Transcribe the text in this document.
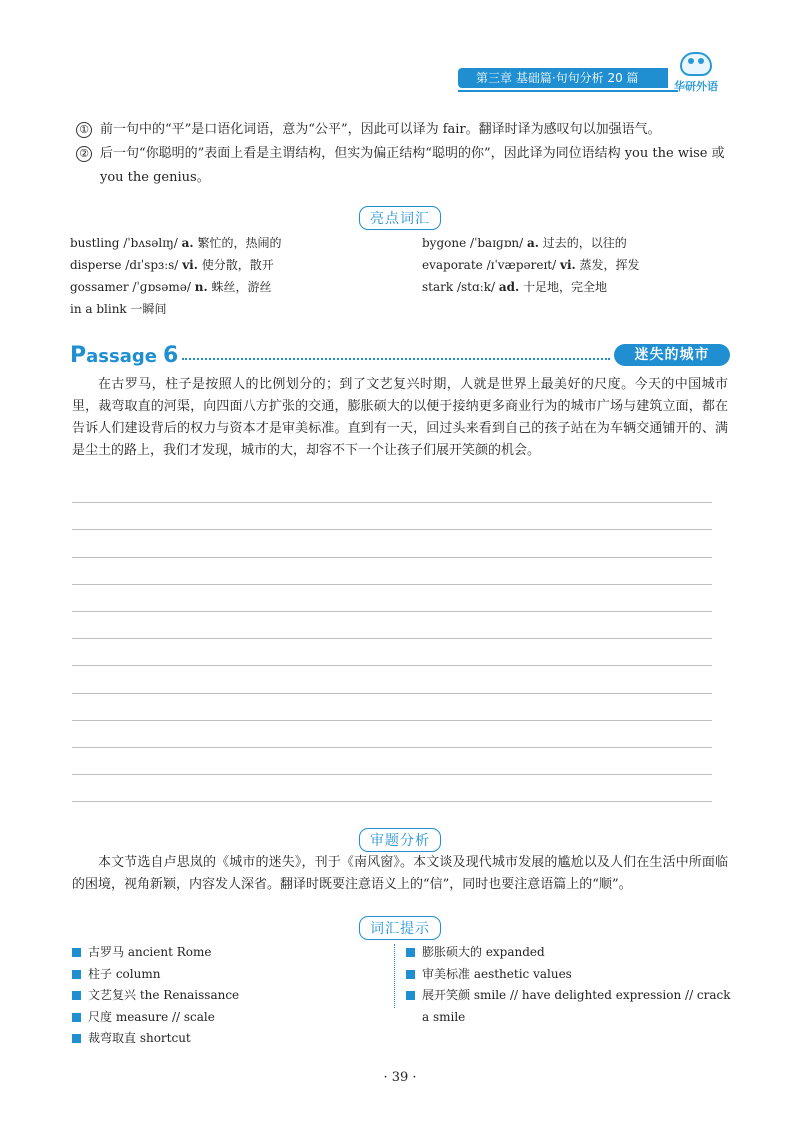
第三章 基础篇·句句分析 20 篇
华研外语
① 前一句中的“平”是口语化词语，意为“公平”，因此可以译为 fair。翻译时译为感叹句以加强语气。
② 后一句“你聪明的”表面上看是主谓结构，但实为偏正结构“聪明的你”，因此译为同位语结构 you the wise 或 you the genius。
亮点词汇
bustling /ˈbʌsəlɪŋ/ a. 繁忙的，热闹的
disperse /dɪˈspɜːs/ vi. 使分散，散开
gossamer /ˈɡɒsəmə/ n. 蛛丝，游丝
in a blink 一瞬间
bygone /ˈbaɪɡɒn/ a. 过去的，以往的
evaporate /ɪˈvæpəreɪt/ vi. 蒸发，挥发
stark /stɑːk/ ad. 十足地，完全地
Passage 6	迷失的城市
在古罗马，柱子是按照人的比例划分的；到了文艺复兴时期，人就是世界上最美好的尺度。今天的中国城市里，裁弯取直的河渠，向四面八方扩张的交通，膨胀硕大的以便于接纳更多商业行为的城市广场与建筑立面，都在告诉人们建设背后的权力与资本才是审美标准。直到有一天，回过头来看到自己的孩子站在为车辆交通铺开的、满是尘土的路上，我们才发现，城市的大，却容不下一个让孩子们展开笑颜的机会。
审题分析
本文节选自卢思岚的《城市的迷失》，刊于《南风窗》。本文谈及现代城市发展的尴尬以及人们在生活中所面临的困境，视角新颖，内容发人深省。翻译时既要注意语义上的“信”，同时也要注意语篇上的“顺”。
词汇提示
古罗马 ancient Rome
柱子 column
文艺复兴 the Renaissance
尺度 measure // scale
裁弯取直 shortcut
膨胀硕大的 expanded
审美标准 aesthetic values
展开笑颜 smile // have delighted expression // crack a smile
· 39 ·
